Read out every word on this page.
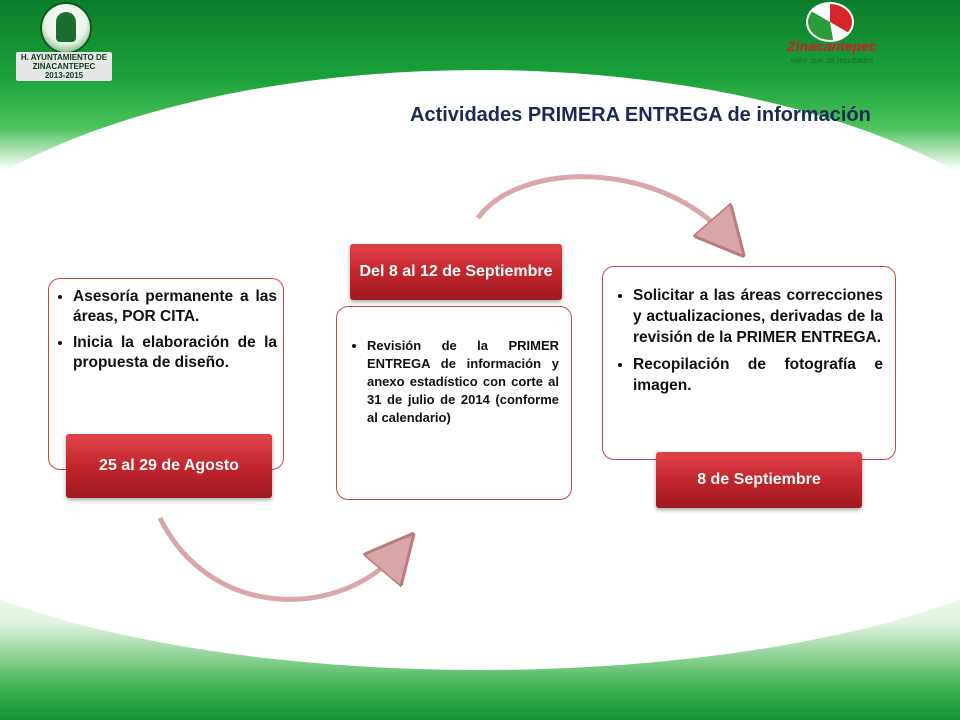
H. AYUNTAMIENTO DE
ZINACANTEPEC
2013-2015
Zinacantepec
valor que da resultados
Actividades PRIMERA ENTREGA de información
• Asesoría permanente a las áreas, POR CITA.
• Inicia la elaboración de la propuesta de diseño.
25 al 29 de Agosto
• Revisión de la PRIMER ENTREGA de información y anexo estadístico con corte al 31 de julio de 2014 (conforme al calendario)
Del 8 al 12 de Septiembre
• Solicitar a las áreas correcciones y actualizaciones, derivadas de la revisión de la PRIMER ENTREGA.
• Recopilación de fotografía e imagen.
8 de Septiembre
